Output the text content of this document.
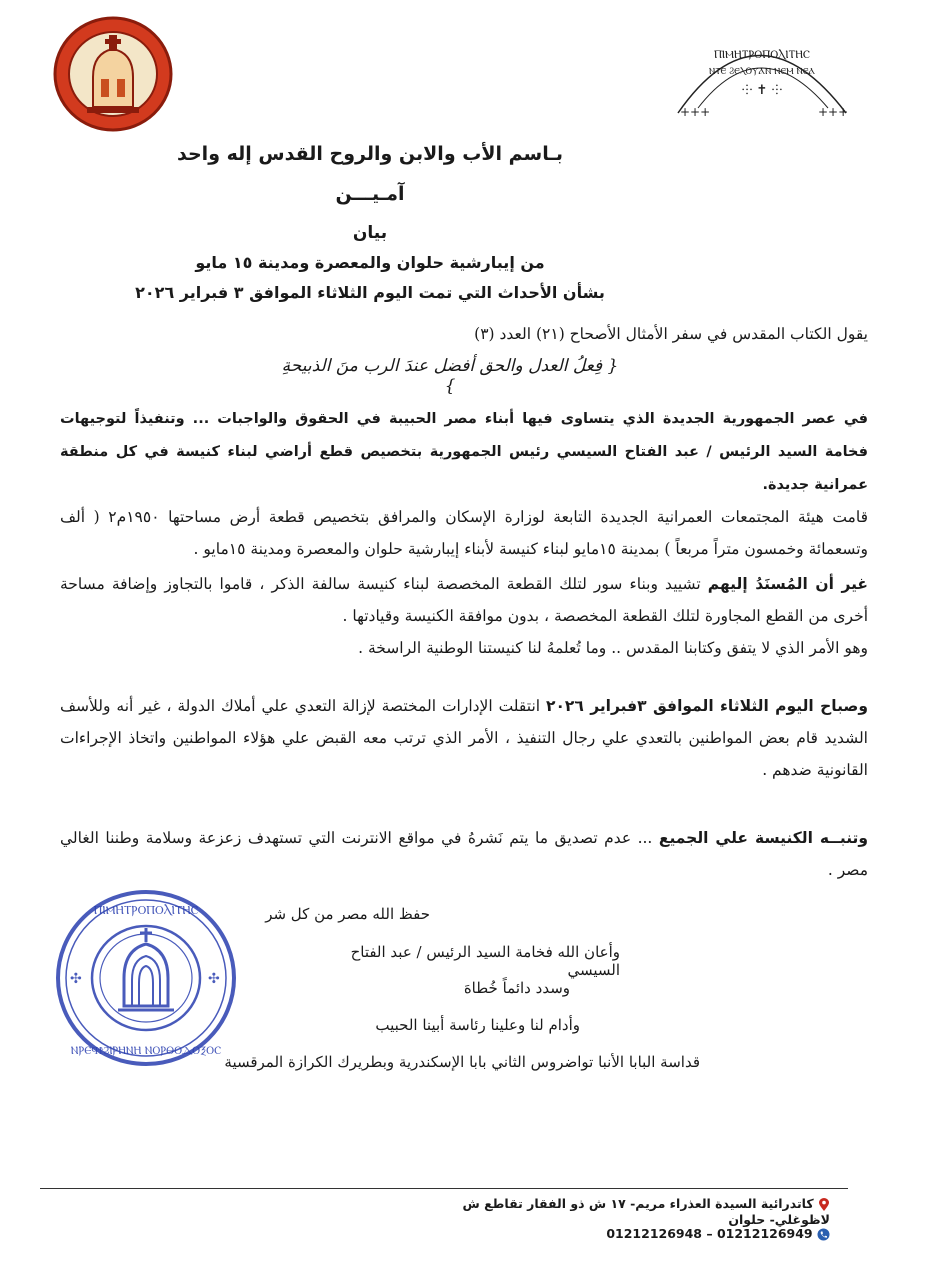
ⲠⲒⲘⲎⲦⲢⲞⲠⲞⲖⲒⲦⲎⲤ
ⲚⲦⲈ ϨⲈⲖⲞⲨⲀⲚ ⲚⲈⲘ ⲚⲈⲀ
⸭ ✝ ⸭
+++	+++
بـاسم الأب والابن والروح القدس إله واحد
آمـيـــن
بيان
من إيبارشية حلوان والمعصرة ومدينة ١٥ مايو
بشأن الأحداث التي تمت اليوم الثلاثاء الموافق ٣ فبراير ٢٠٢٦
يقول الكتاب المقدس في سفر الأمثال الأصحاح (٢١) العدد (٣)
{ فِعلُ العدل والحق أفضل عندَ الرب منَ الذبيحةِ }
في عصر الجمهورية الجديدة الذي يتساوى فيها أبناء مصر الحبيبة في الحقوق والواجبات ... وتنفيذاً لتوجيهات فخامة السيد الرئيس / عبد الفتاح السيسي رئيس الجمهورية بتخصيص قطع أراضي لبناء كنيسة في كل منطقة عمرانية جديدة.
قامت هيئة المجتمعات العمرانية الجديدة التابعة لوزارة الإسكان والمرافق بتخصيص قطعة أرض مساحتها ١٩٥٠م٢ ( ألف وتسعمائة وخمسون متراً مربعاً ) بمدينة ١٥مايو لبناء كنيسة لأبناء إيبارشية حلوان والمعصرة ومدينة ١٥مايو .
غير أن المُسنَدُ إليهم تشييد وبناء سور لتلك القطعة المخصصة لبناء كنيسة سالفة الذكر ، قاموا بالتجاوز وإضافة مساحة أخرى من القطع المجاورة لتلك القطعة المخصصة ، بدون موافقة الكنيسة وقيادتها .
وهو الأمر الذي لا يتفق وكتابنا المقدس .. وما تُعلمهُ لنا كنيستنا الوطنية الراسخة .
وصباح اليوم الثلاثاء الموافق ٣فبراير ٢٠٢٦ انتقلت الإدارات المختصة لإزالة التعدي علي أملاك الدولة ، غير أنه وللأسف الشديد قام بعض المواطنين بالتعدي علي رجال التنفيذ ، الأمر الذي ترتب معه القبض علي هؤلاء المواطنين واتخاذ الإجراءات القانونية ضدهم .
وتنبــه الكنيسة علي الجميع ... عدم تصديق ما يتم نَشرهُ في مواقع الانترنت التي تستهدف زعزعة وسلامة وطننا الغالي مصر .
حفظ الله مصر من كل شر
وأعان الله فخامة السيد الرئيس / عبد الفتاح السيسي
وسدد دائماً خُطاهَ
وأدام لنا وعلينا رئاسة أبينا الحبيب
قداسة البابا الأنبا تواضروس الثاني بابا الإسكندرية وبطريرك الكرازة المرقسية
ⲠⲒⲘⲎⲦⲢⲞⲠⲞⲖⲒⲦⲎⲤ
ⲚⲢⲈϤϮϨⲒⲢⲎⲚⲎ ⲚⲞⲢⲐⲞⲆⲞⲜⲞⲤ
✣	✣
كاتدرائية السيدة العذراء مريم- ١٧ ش ذو الفقار تقاطع ش لاظوغلي- حلوان
01212126948 – 01212126949
